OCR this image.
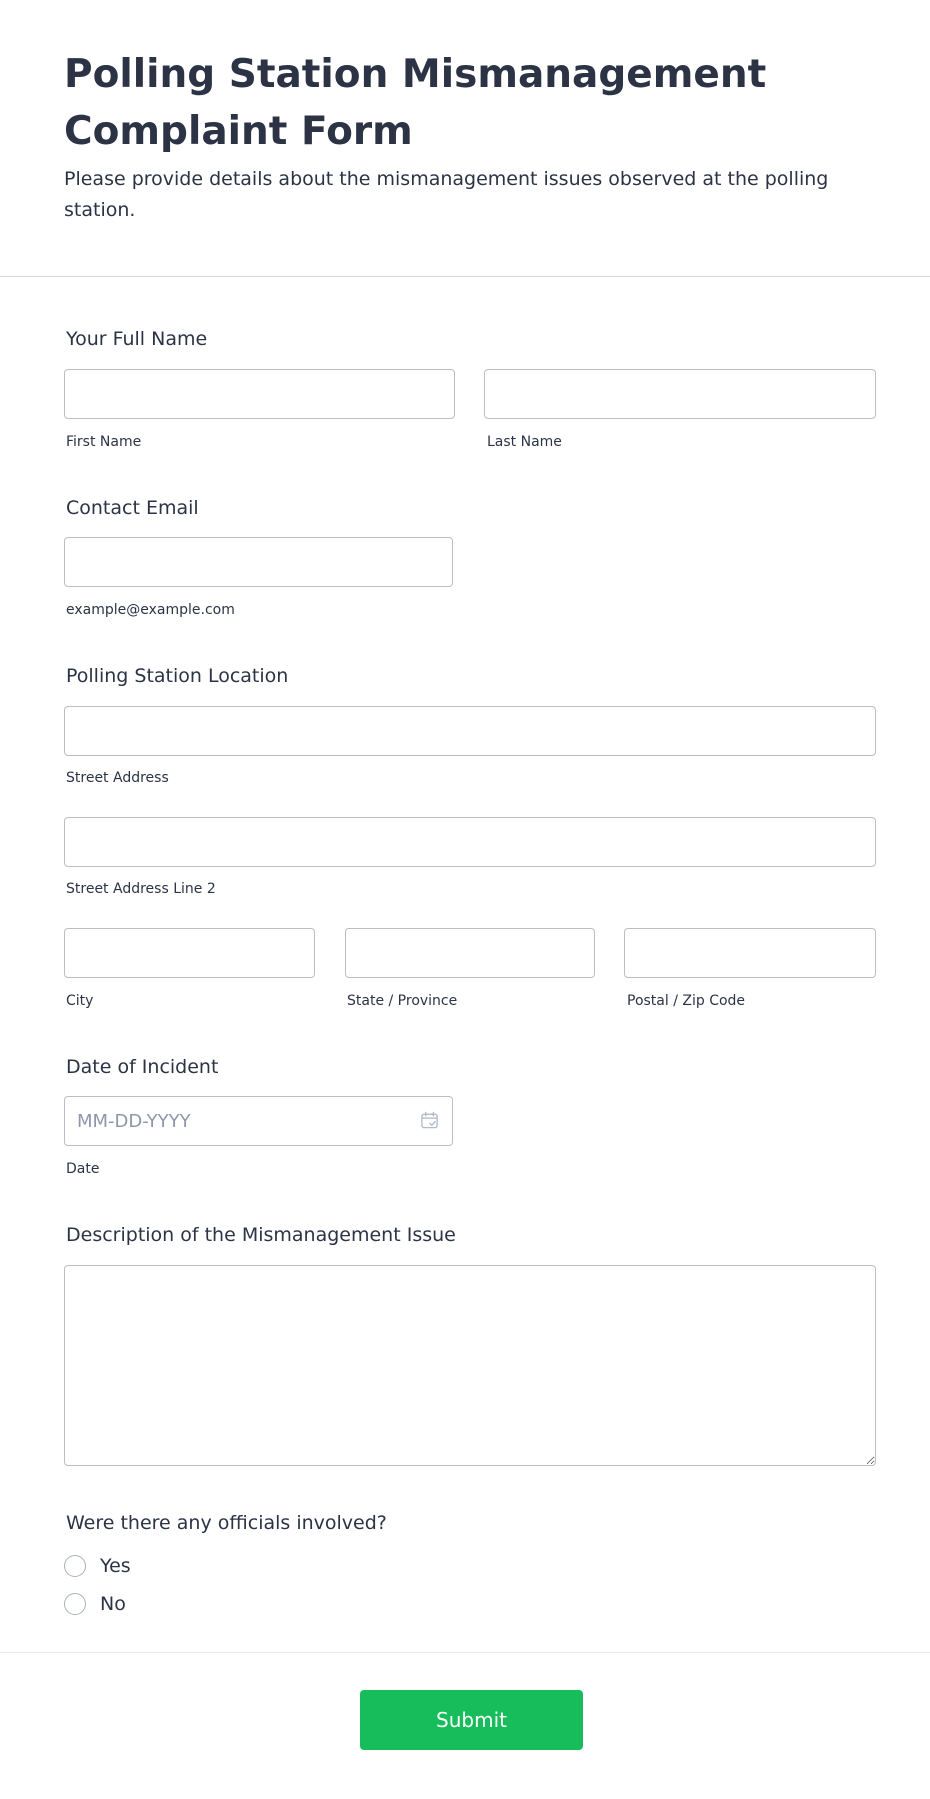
Polling Station Mismanagement Complaint Form

Please provide details about the mismanagement issues observed at the polling station.

Your Full Name
First Name	Last Name
Contact Email
example@example.com
Polling Station Location
Street Address
Street Address Line 2
City	State / Province	Postal / Zip Code
Date of Incident
MM-DD-YYYY
Date
Description of the Mismanagement Issue
Were there any officials involved?
Yes
No
Submit
